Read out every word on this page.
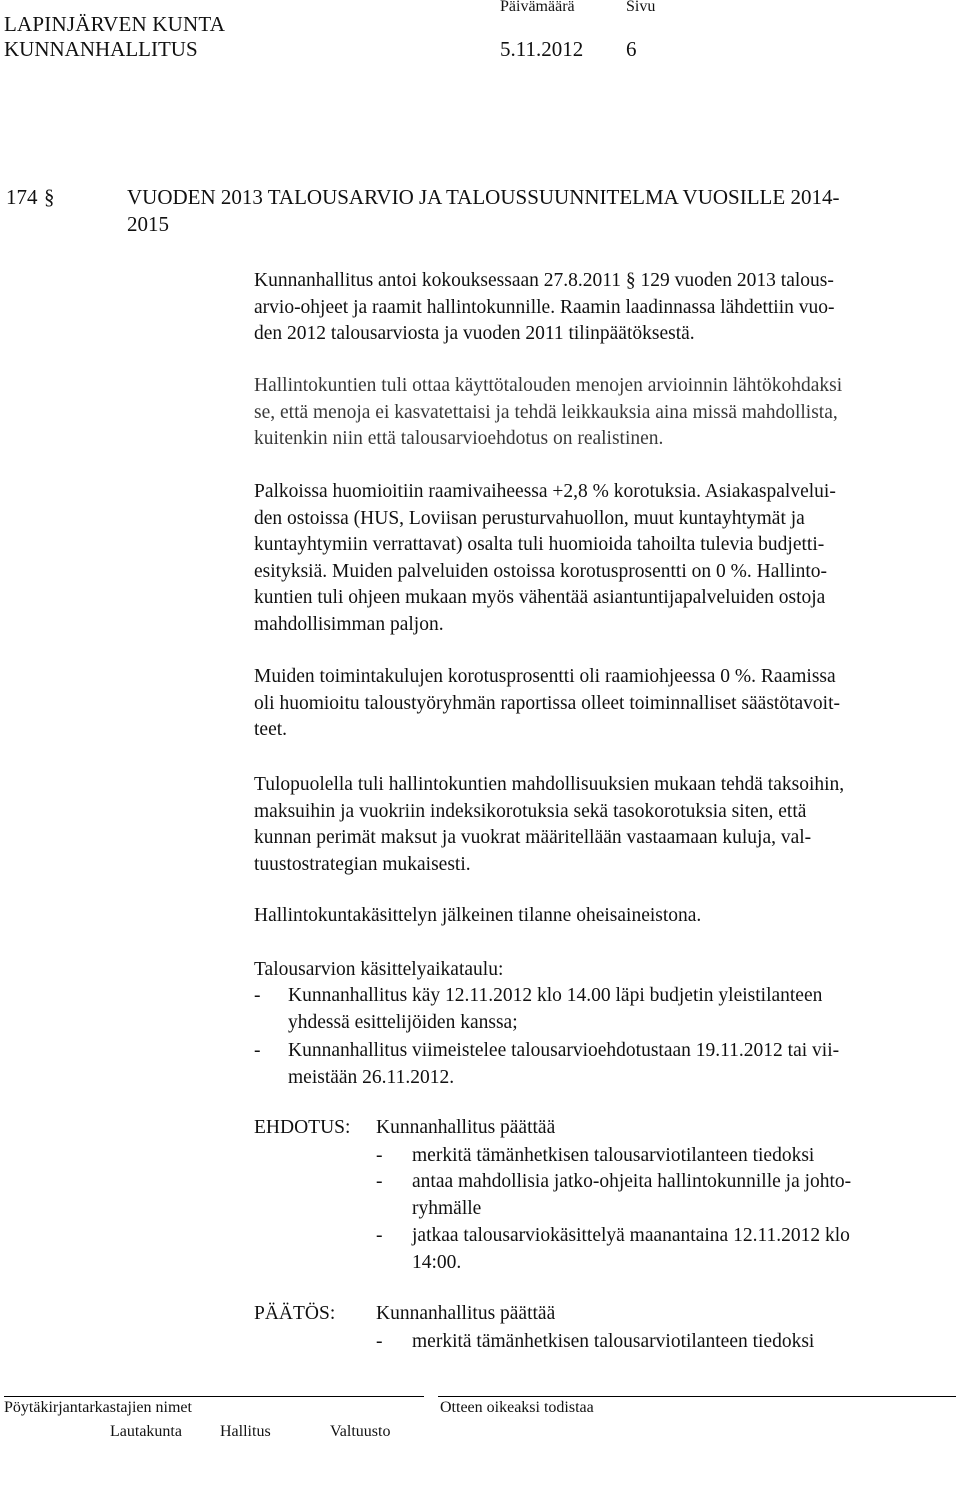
LAPINJÄRVEN KUNTA
KUNNANHALLITUS
Päivämäärä	Sivu
5.11.2012 6
174 §	VUODEN 2013 TALOUSARVIO JA TALOUSSUUNNITELMA VUOSILLE 2014-
2015
Kunnanhallitus antoi kokouksessaan 27.8.2011 § 129 vuoden 2013 talous-
arvio-ohjeet ja raamit hallintokunnille. Raamin laadinnassa lähdettiin vuo-
den 2012 talousarviosta ja vuoden 2011 tilinpäätöksestä.
Hallintokuntien tuli ottaa käyttötalouden menojen arvioinnin lähtökohdaksi
se, että menoja ei kasvatettaisi ja tehdä leikkauksia aina missä mahdollista,
kuitenkin niin että talousarvioehdotus on realistinen.
Palkoissa huomioitiin raamivaiheessa +2,8 % korotuksia. Asiakaspalvelui-
den ostoissa (HUS, Loviisan perusturvahuollon, muut kuntayhtymät ja
kuntayhtymiin verrattavat) osalta tuli huomioida tahoilta tulevia budjetti-
esityksiä. Muiden palveluiden ostoissa korotusprosentti on 0 %. Hallinto-
kuntien tuli ohjeen mukaan myös vähentää asiantuntijapalveluiden ostoja
mahdollisimman paljon.
Muiden toimintakulujen korotusprosentti oli raamiohjeessa 0 %. Raamissa
oli huomioitu taloustyöryhmän raportissa olleet toiminnalliset säästötavoit-
teet.
Tulopuolella tuli hallintokuntien mahdollisuuksien mukaan tehdä taksoihin,
maksuihin ja vuokriin indeksikorotuksia sekä tasokorotuksia siten, että
kunnan perimät maksut ja vuokrat määritellään vastaamaan kuluja, val-
tuustostrategian mukaisesti.
Hallintokuntakäsittelyn jälkeinen tilanne oheisaineistona.
Talousarvion käsittelyaikataulu:
- Kunnanhallitus käy 12.11.2012 klo 14.00 läpi budjetin yleistilanteen
yhdessä esittelijöiden kanssa;
- Kunnanhallitus viimeistelee talousarvioehdotustaan 19.11.2012 tai vii-
meistään 26.11.2012.
EHDOTUS: Kunnanhallitus päättää
- merkitä tämänhetkisen talousarviotilanteen tiedoksi
- antaa mahdollisia jatko-ohjeita hallintokunnille ja johto-
ryhmälle
- jatkaa talousarviokäsittelyä maanantaina 12.11.2012 klo
14:00.
PÄÄTÖS: Kunnanhallitus päättää
- merkitä tämänhetkisen talousarviotilanteen tiedoksi
Pöytäkirjantarkastajien nimet	Otteen oikeaksi todistaa
Lautakunta Hallitus	Valtuusto
